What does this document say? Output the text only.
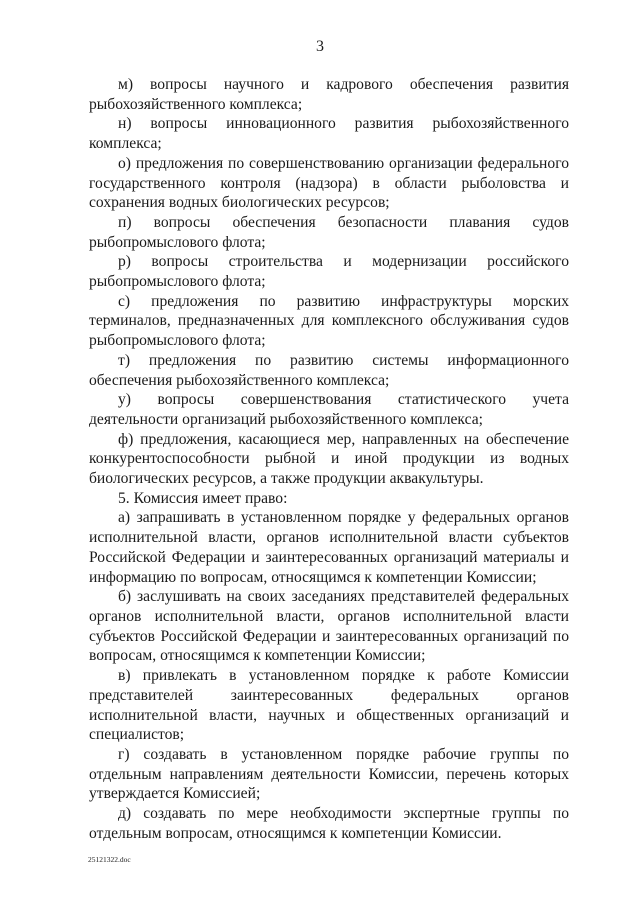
3

м) вопросы научного и кадрового обеспечения развития рыбохозяйственного комплекса;

н) вопросы инновационного развития рыбохозяйственного комплекса;

о) предложения по совершенствованию организации федерального государственного контроля (надзора) в области рыболовства и сохранения водных биологических ресурсов;

п) вопросы обеспечения безопасности плавания судов рыбопромыслового флота;

р) вопросы строительства и модернизации российского рыбопромыслового флота;

с) предложения по развитию инфраструктуры морских терминалов, предназначенных для комплексного обслуживания судов рыбопромыслового флота;

т) предложения по развитию системы информационного обеспечения рыбохозяйственного комплекса;

у) вопросы совершенствования статистического учета деятельности организаций рыбохозяйственного комплекса;

ф) предложения, касающиеся мер, направленных на обеспечение конкурентоспособности рыбной и иной продукции из водных биологических ресурсов, а также продукции аквакультуры.

5. Комиссия имеет право:

а) запрашивать в установленном порядке у федеральных органов исполнительной власти, органов исполнительной власти субъектов Российской Федерации и заинтересованных организаций материалы и информацию по вопросам, относящимся к компетенции Комиссии;

б) заслушивать на своих заседаниях представителей федеральных органов исполнительной власти, органов исполнительной власти субъектов Российской Федерации и заинтересованных организаций по вопросам, относящимся к компетенции Комиссии;

в) привлекать в установленном порядке к работе Комиссии представителей заинтересованных федеральных органов исполнительной власти, научных и общественных организаций и специалистов;

г) создавать в установленном порядке рабочие группы по отдельным направлениям деятельности Комиссии, перечень которых утверждается Комиссией;

д) создавать по мере необходимости экспертные группы по отдельным вопросам, относящимся к компетенции Комиссии.

25121322.doc
